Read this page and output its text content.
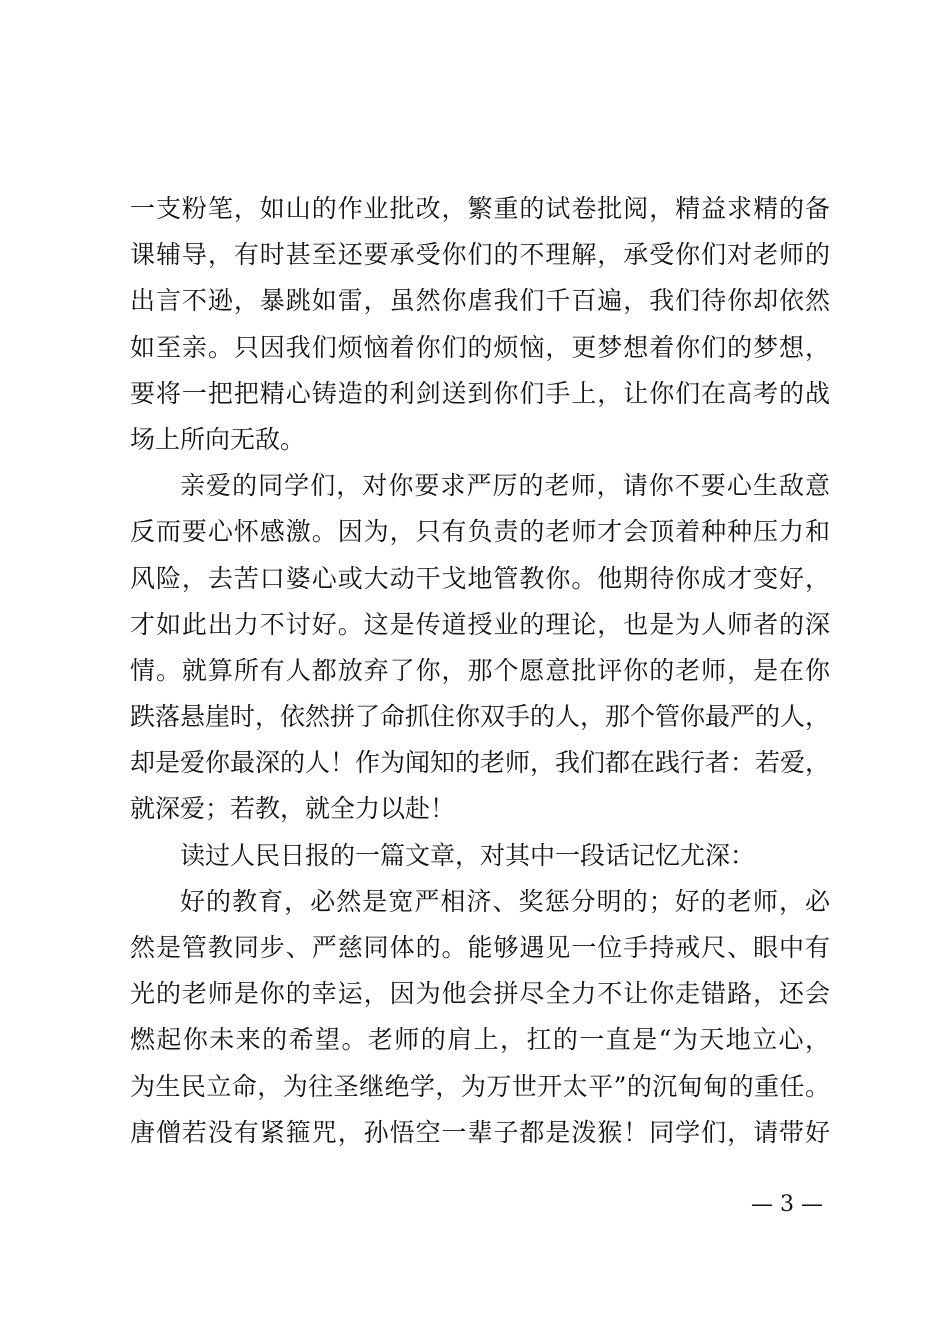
一支粉笔，如山的作业批改，繁重的试卷批阅，精益求精的备
课辅导，有时甚至还要承受你们的不理解，承受你们对老师的
出言不逊，暴跳如雷，虽然你虐我们千百遍，我们待你却依然
如至亲。只因我们烦恼着你们的烦恼，更梦想着你们的梦想，
要将一把把精心铸造的利剑送到你们手上，让你们在高考的战
场上所向无敌。
亲爱的同学们，对你要求严厉的老师，请你不要心生敌意
反而要心怀感激。因为，只有负责的老师才会顶着种种压力和
风险，去苦口婆心或大动干戈地管教你。他期待你成才变好，
才如此出力不讨好。这是传道授业的理论，也是为人师者的深
情。就算所有人都放弃了你，那个愿意批评你的老师，是在你
跌落悬崖时，依然拼了命抓住你双手的人，那个管你最严的人，
却是爱你最深的人！作为闻知的老师，我们都在践行者：若爱，
就深爱；若教，就全力以赴！
读过人民日报的一篇文章，对其中一段话记忆尤深：
好的教育，必然是宽严相济、奖惩分明的；好的老师，必
然是管教同步、严慈同体的。能够遇见一位手持戒尺、眼中有
光的老师是你的幸运，因为他会拼尽全力不让你走错路，还会
燃起你未来的希望。老师的肩上，扛的一直是“为天地立心，
为生民立命，为往圣继绝学，为万世开太平”的沉甸甸的重任。
唐僧若没有紧箍咒，孙悟空一辈子都是泼猴！同学们，请带好
— 3 —
